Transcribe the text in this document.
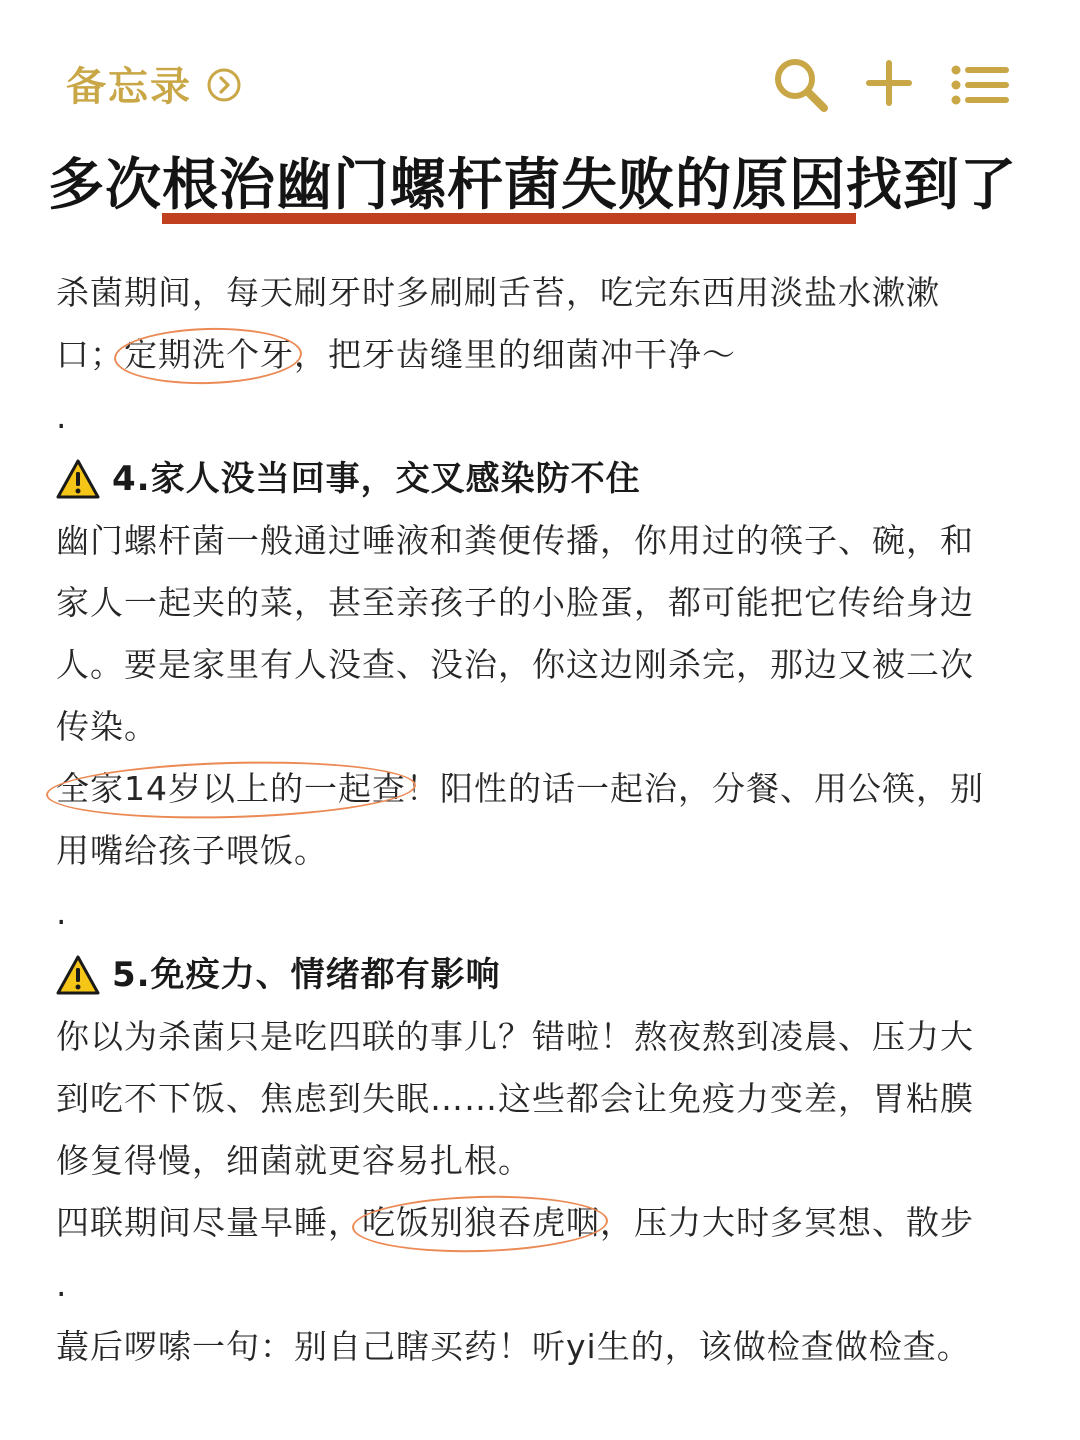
备忘录
多次根治幽门螺杆菌失败的原因找到了

杀菌期间，每天刷牙时多刷刷舌苔，吃完东西用淡盐水漱漱
口；定期洗个牙，把牙齿缝里的细菌冲干净～

.
4.家人没当回事，交叉感染防不住

幽门螺杆菌一般通过唾液和粪便传播，你用过的筷子、碗，和
家人一起夹的菜，甚至亲孩子的小脸蛋，都可能把它传给身边
人。要是家里有人没查、没治，你这边刚杀完，那边又被二次
传染。
全家14岁以上的一起查！阳性的话一起治，分餐、用公筷，别
用嘴给孩子喂饭。

.
5.免疫力、情绪都有影响

你以为杀菌只是吃四联的事儿？错啦！熬夜熬到凌晨、压力大
到吃不下饭、焦虑到失眠……这些都会让免疫力变差，胃粘膜
修复得慢，细菌就更容易扎根。
四联期间尽量早睡，吃饭别狼吞虎咽，压力大时多冥想、散步

.

蕞后啰嗦一句：别自己瞎买药！听yi生的，该做检查做检查。
